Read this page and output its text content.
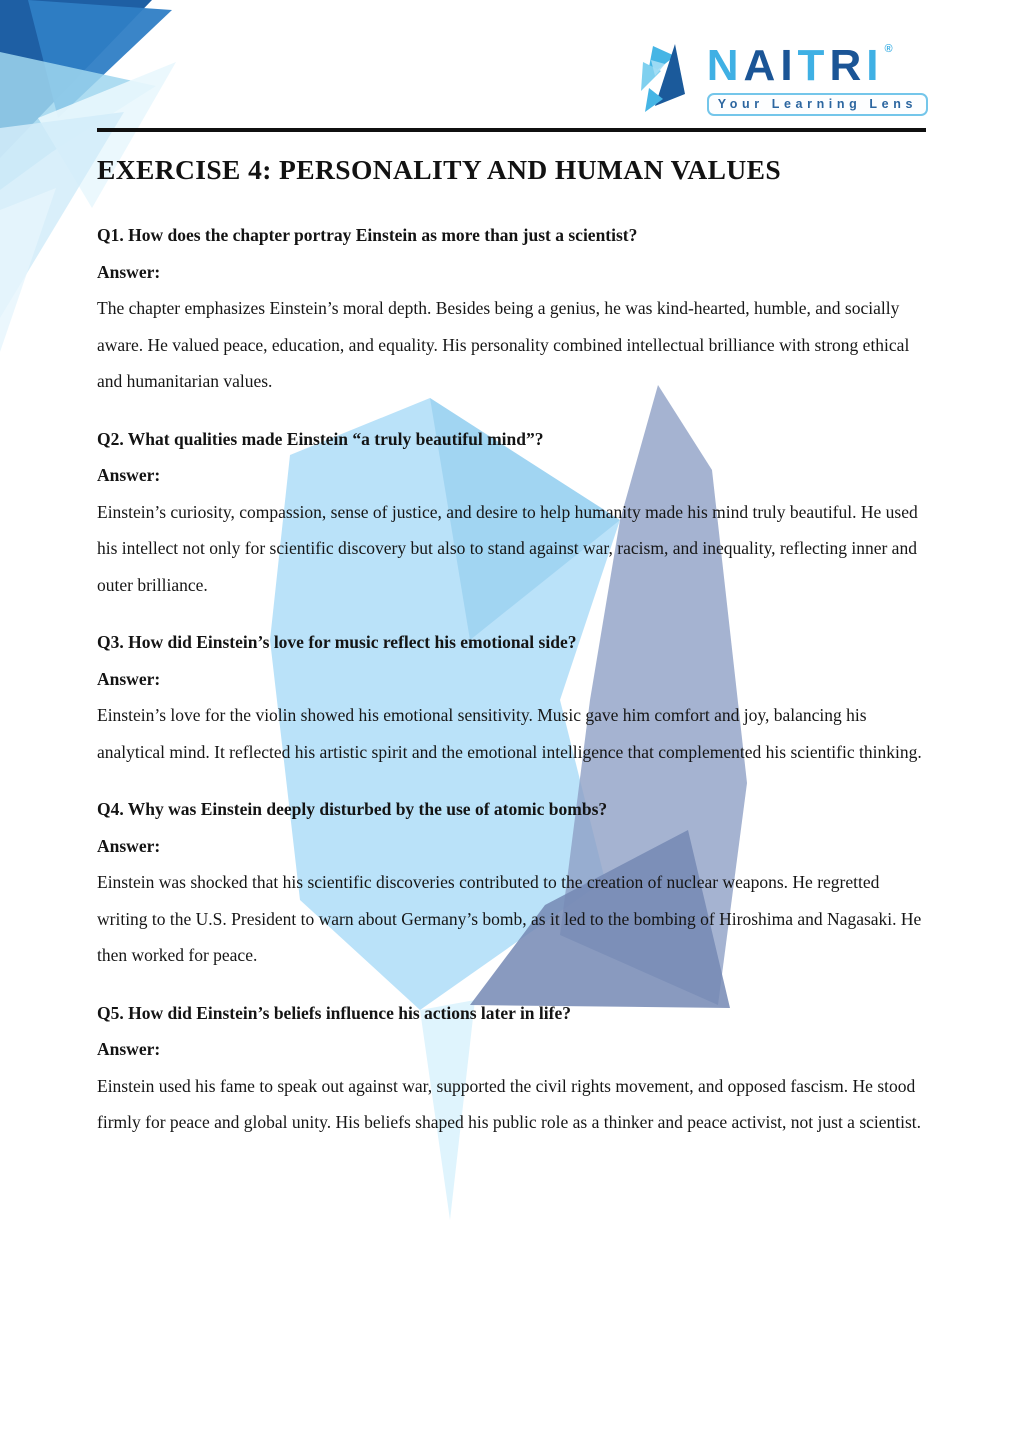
N A I T R I ®
Your Learning Lens
EXERCISE 4: PERSONALITY AND HUMAN VALUES
Q1. How does the chapter portray Einstein as more than just a scientist?

Answer:

The chapter emphasizes Einstein’s moral depth. Besides being a genius, he was kind-hearted, humble, and socially aware. He valued peace, education, and equality. His personality combined intellectual brilliance with strong ethical and humanitarian values.

Q2. What qualities made Einstein “a truly beautiful mind”?

Answer:

Einstein’s curiosity, compassion, sense of justice, and desire to help humanity made his mind truly beautiful. He used his intellect not only for scientific discovery but also to stand against war, racism, and inequality, reflecting inner and outer brilliance.

Q3. How did Einstein’s love for music reflect his emotional side?

Answer:

Einstein’s love for the violin showed his emotional sensitivity. Music gave him comfort and joy, balancing his analytical mind. It reflected his artistic spirit and the emotional intelligence that complemented his scientific thinking.

Q4. Why was Einstein deeply disturbed by the use of atomic bombs?

Answer:

Einstein was shocked that his scientific discoveries contributed to the creation of nuclear weapons. He regretted writing to the U.S. President to warn about Germany’s bomb, as it led to the bombing of Hiroshima and Nagasaki. He then worked for peace.

Q5. How did Einstein’s beliefs influence his actions later in life?

Answer:

Einstein used his fame to speak out against war, supported the civil rights movement, and opposed fascism. He stood firmly for peace and global unity. His beliefs shaped his public role as a thinker and peace activist, not just a scientist.
